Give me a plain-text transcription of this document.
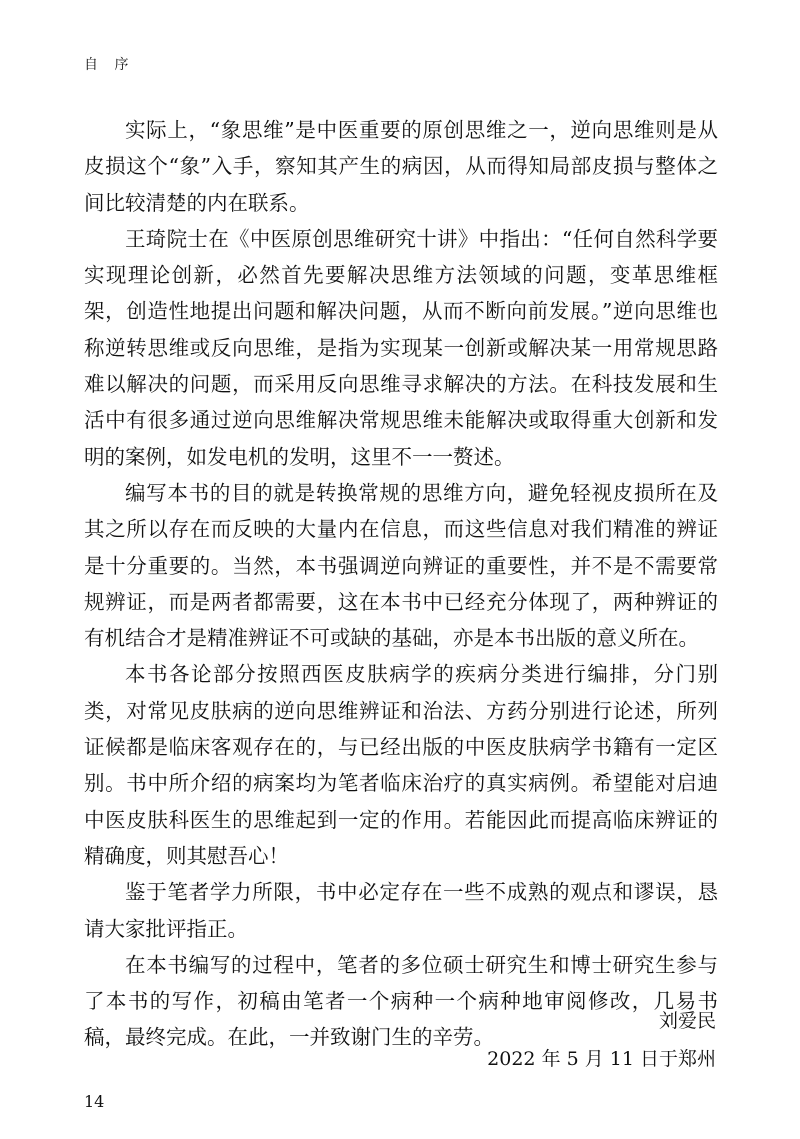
自 序

实际上，“象思维”是中医重要的原创思维之一，逆向思维则是从皮损这个“象”入手，察知其产生的病因，从而得知局部皮损与整体之间比较清楚的内在联系。

王琦院士在《中医原创思维研究十讲》中指出：“任何自然科学要实现理论创新，必然首先要解决思维方法领域的问题，变革思维框架，创造性地提出问题和解决问题，从而不断向前发展。”逆向思维也称逆转思维或反向思维，是指为实现某一创新或解决某一用常规思路难以解决的问题，而采用反向思维寻求解决的方法。在科技发展和生活中有很多通过逆向思维解决常规思维未能解决或取得重大创新和发明的案例，如发电机的发明，这里不一一赘述。

编写本书的目的就是转换常规的思维方向，避免轻视皮损所在及其之所以存在而反映的大量内在信息，而这些信息对我们精准的辨证是十分重要的。当然，本书强调逆向辨证的重要性，并不是不需要常规辨证，而是两者都需要，这在本书中已经充分体现了，两种辨证的有机结合才是精准辨证不可或缺的基础，亦是本书出版的意义所在。

本书各论部分按照西医皮肤病学的疾病分类进行编排，分门别类，对常见皮肤病的逆向思维辨证和治法、方药分别进行论述，所列证候都是临床客观存在的，与已经出版的中医皮肤病学书籍有一定区别。书中所介绍的病案均为笔者临床治疗的真实病例。希望能对启迪中医皮肤科医生的思维起到一定的作用。若能因此而提高临床辨证的精确度，则其慰吾心！

鉴于笔者学力所限，书中必定存在一些不成熟的观点和谬误，恳请大家批评指正。

在本书编写的过程中，笔者的多位硕士研究生和博士研究生参与了本书的写作，初稿由笔者一个病种一个病种地审阅修改，几易书稿，最终完成。在此，一并致谢门生的辛劳。

刘爱民
2022 年 5 月 11 日于郑州
14
